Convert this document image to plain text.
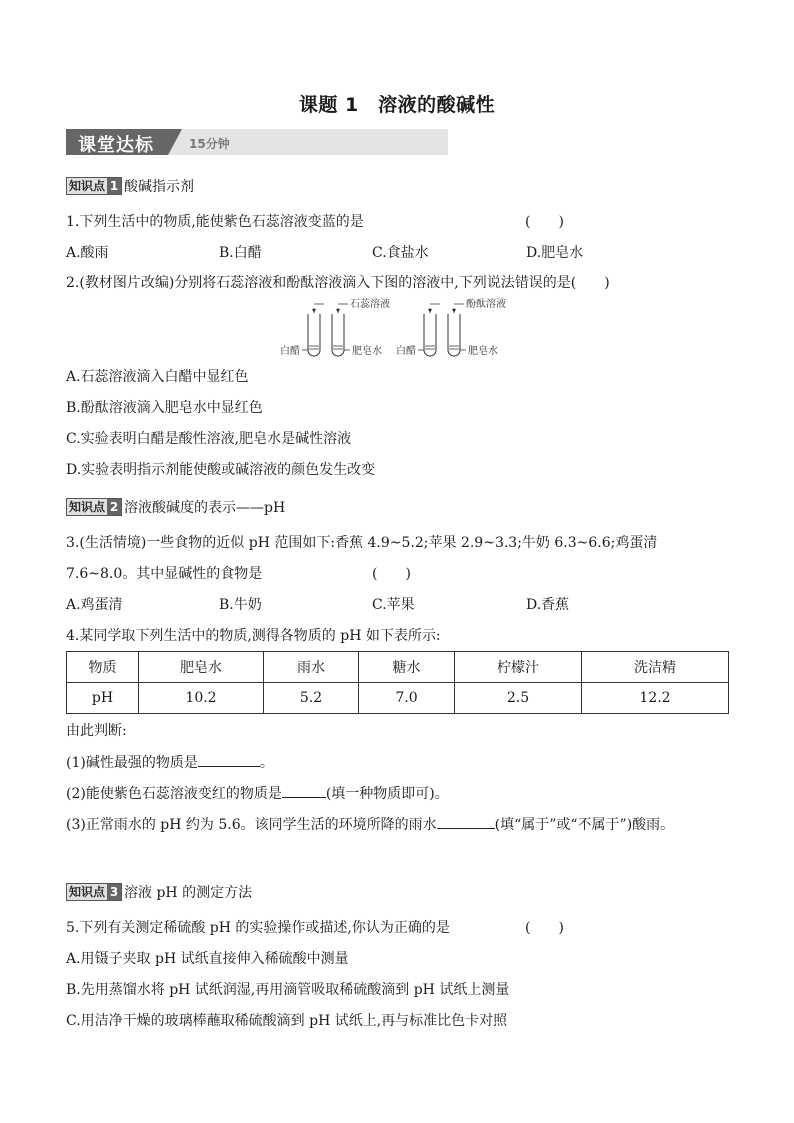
课题 1　溶液的酸碱性
课堂达标	15分钟
知识点 1 酸碱指示剂
1.下列生活中的物质,能使紫色石蕊溶液变蓝的是	(　　)
A.酸雨	B.白醋	C.食盐水	D.肥皂水
2.(教材图片改编)分别将石蕊溶液和酚酞溶液滴入下图的溶液中,下列说法错误的是(　　)
石蕊溶液	酚酞溶液
白醋	肥皂水 白醋	肥皂水
A.石蕊溶液滴入白醋中显红色
B.酚酞溶液滴入肥皂水中显红色
C.实验表明白醋是酸性溶液,肥皂水是碱性溶液
D.实验表明指示剂能使酸或碱溶液的颜色发生改变
知识点 2 溶液酸碱度的表示——pH
3.(生活情境)一些食物的近似 pH 范围如下:香蕉 4.9~5.2;苹果 2.9~3.3;牛奶 6.3~6.6;鸡蛋清
7.6~8.0。其中显碱性的食物是	(　　)
A.鸡蛋清	B.牛奶	C.苹果	D.香蕉
4.某同学取下列生活中的物质,测得各物质的 pH 如下表所示:
物质	肥皂水	雨水	糖水	柠檬汁	洗洁精
pH	10.2	5.2	7.0	2.5	12.2
由此判断:
(1)碱性最强的物质是	。
(2)能使紫色石蕊溶液变红的物质是	(填一种物质即可)。
(3)正常雨水的 pH 约为 5.6。该同学生活的环境所降的雨水	(填“属于”或“不属于”)酸雨。
知识点 3 溶液 pH 的测定方法
5.下列有关测定稀硫酸 pH 的实验操作或描述,你认为正确的是	(　　)
A.用镊子夹取 pH 试纸直接伸入稀硫酸中测量
B.先用蒸馏水将 pH 试纸润湿,再用滴管吸取稀硫酸滴到 pH 试纸上测量
C.用洁净干燥的玻璃棒蘸取稀硫酸滴到 pH 试纸上,再与标准比色卡对照
